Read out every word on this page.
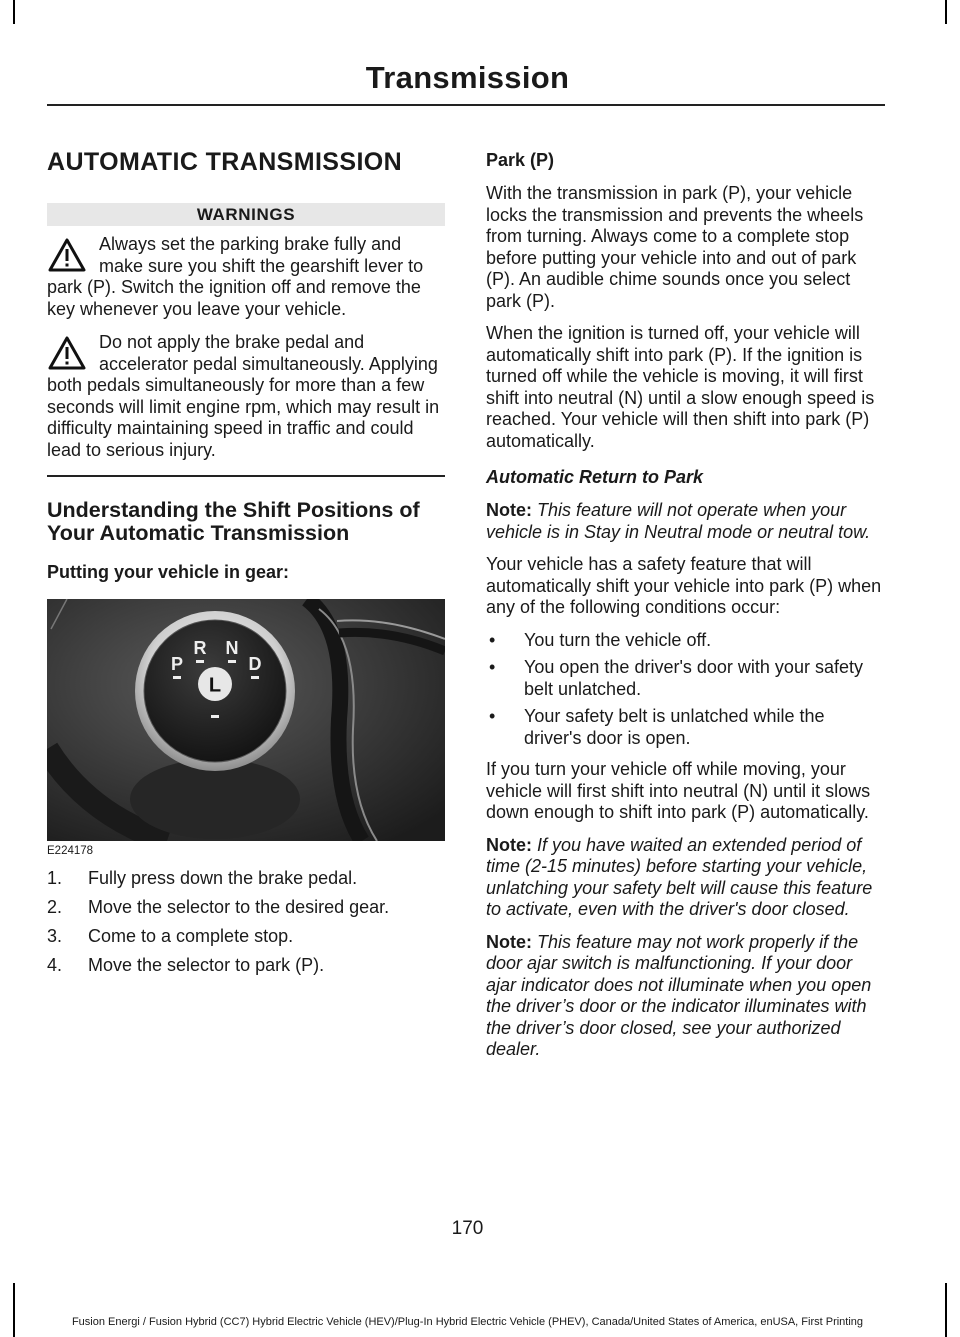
Transmission
AUTOMATIC TRANSMISSION
WARNINGS
Always set the parking brake fully and make sure you shift the gearshift lever to park (P). Switch the ignition off and remove the key whenever you leave your vehicle.
Do not apply the brake pedal and accelerator pedal simultaneously. Applying both pedals simultaneously for more than a few seconds will limit engine rpm, which may result in difficulty maintaining speed in traffic and could lead to serious injury.
Understanding the Shift Positions of Your Automatic Transmission
Putting your vehicle in gear:
L
P
R N
D
E224178
1.	Fully press down the brake pedal.
2.	Move the selector to the desired gear.
3.	Come to a complete stop.
4.	Move the selector to park (P).
Park (P)

With the transmission in park (P), your vehicle locks the transmission and prevents the wheels from turning. Always come to a complete stop before putting your vehicle into and out of park (P). An audible chime sounds once you select park (P).

When the ignition is turned off, your vehicle will automatically shift into park (P). If the ignition is turned off while the vehicle is moving, it will first shift into neutral (N) until a slow enough speed is reached. Your vehicle will then shift into park (P) automatically.

Automatic Return to Park

Note: This feature will not operate when your vehicle is in Stay in Neutral mode or neutral tow.

Your vehicle has a safety feature that will automatically shift your vehicle into park (P) when any of the following conditions occur:

•	You turn the vehicle off.
•	You open the driver's door with your safety belt unlatched.
•	Your safety belt is unlatched while the driver's door is open.

If you turn your vehicle off while moving, your vehicle will first shift into neutral (N) until it slows down enough to shift into park (P) automatically.

Note: If you have waited an extended period of time (2-15 minutes) before starting your vehicle, unlatching your safety belt will cause this feature to activate, even with the driver's door closed.

Note: This feature may not work properly if the door ajar switch is malfunctioning. If your door ajar indicator does not illuminate when you open the driver’s door or the indicator illuminates with the driver’s door closed, see your authorized dealer.

170
Fusion Energi / Fusion Hybrid (CC7) Hybrid Electric Vehicle (HEV)/Plug-In Hybrid Electric Vehicle (PHEV), Canada/United States of America, enUSA, First Printing
